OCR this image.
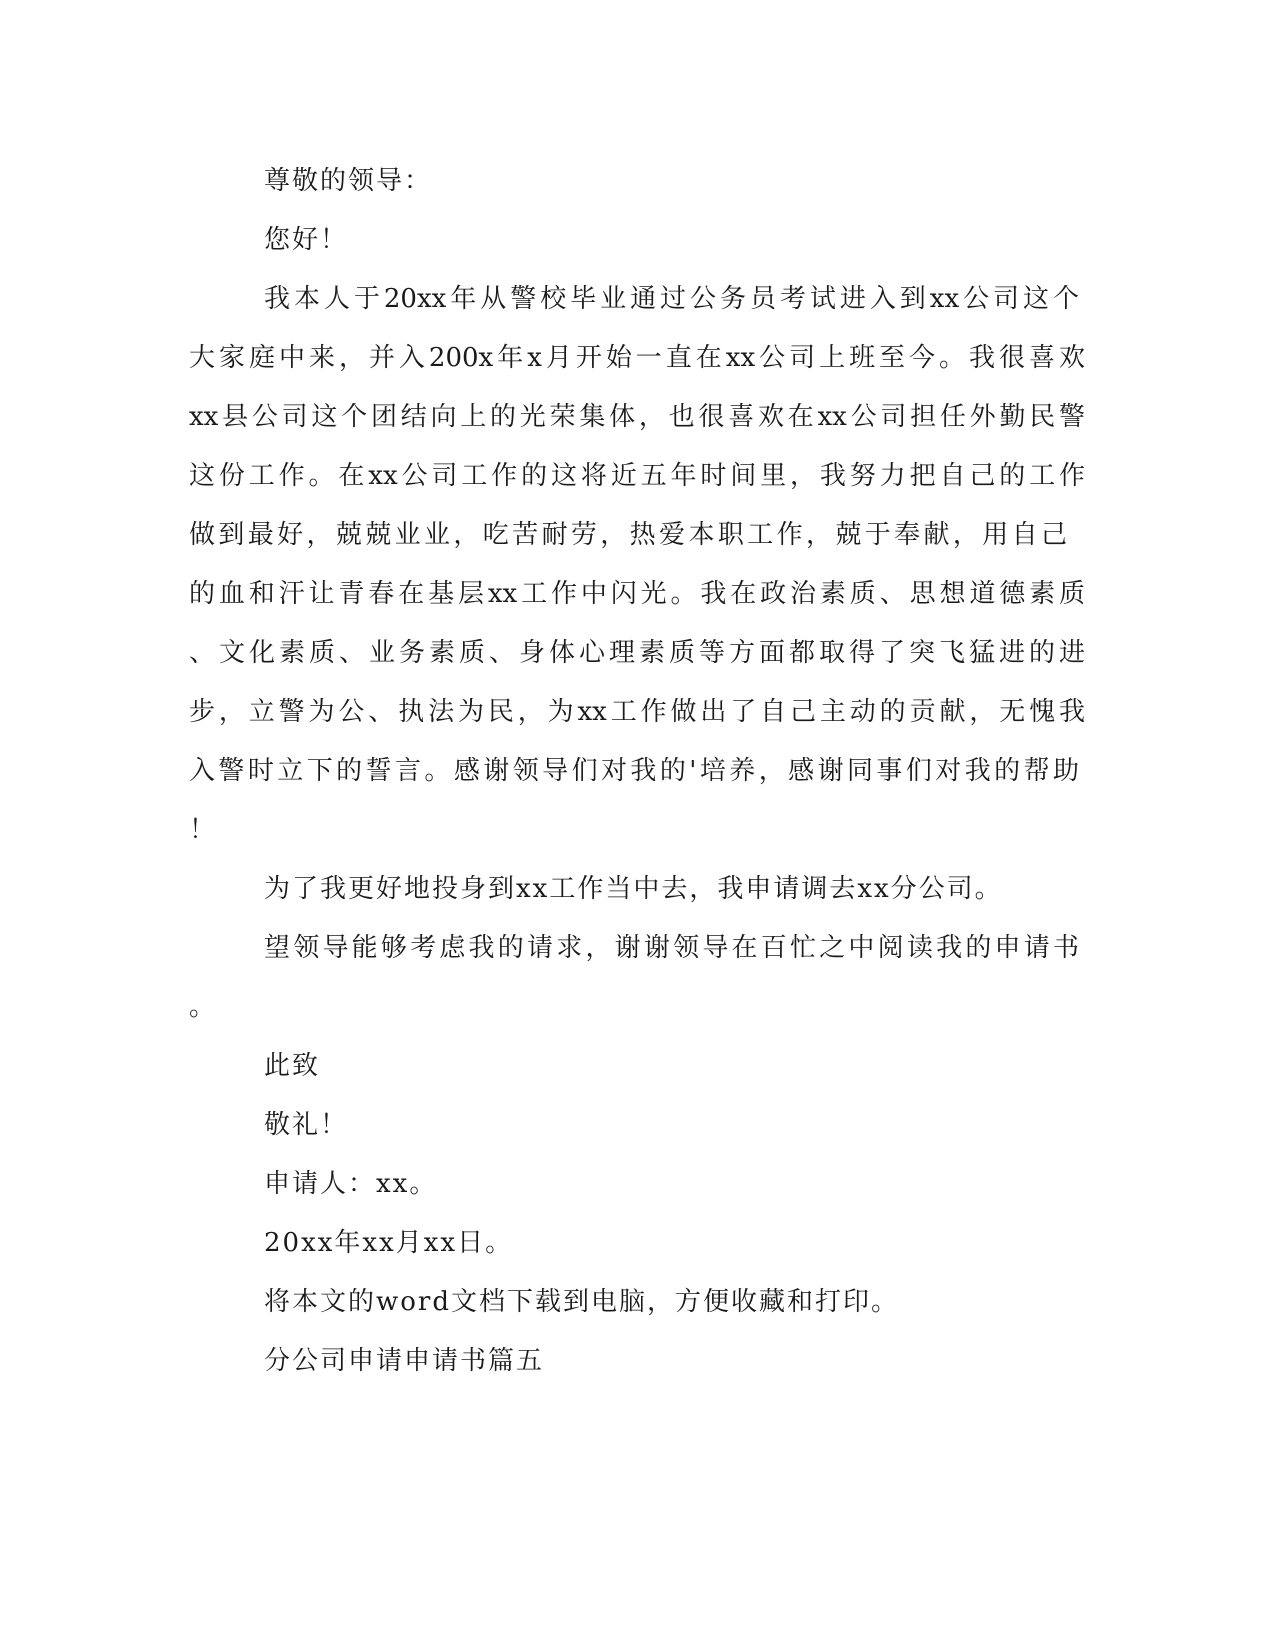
尊敬的领导：

您好！

我本人于20xx年从警校毕业通过公务员考试进入到xx公司这个

大家庭中来，并入200x年x月开始一直在xx公司上班至今。我很喜欢

xx县公司这个团结向上的光荣集体，也很喜欢在xx公司担任外勤民警

这份工作。在xx公司工作的这将近五年时间里，我努力把自己的工作

做到最好，兢兢业业，吃苦耐劳，热爱本职工作，兢于奉献，用自己

的血和汗让青春在基层xx工作中闪光。我在政治素质、思想道德素质

、文化素质、业务素质、身体心理素质等方面都取得了突飞猛进的进

步，立警为公、执法为民，为xx工作做出了自己主动的贡献，无愧我

入警时立下的誓言。感谢领导们对我的'培养，感谢同事们对我的帮助

！

为了我更好地投身到xx工作当中去，我申请调去xx分公司。

望领导能够考虑我的请求，谢谢领导在百忙之中阅读我的申请书

。

此致

敬礼！

申请人：xx。

20xx年xx月xx日。

将本文的word文档下载到电脑，方便收藏和打印。

分公司申请申请书篇五
